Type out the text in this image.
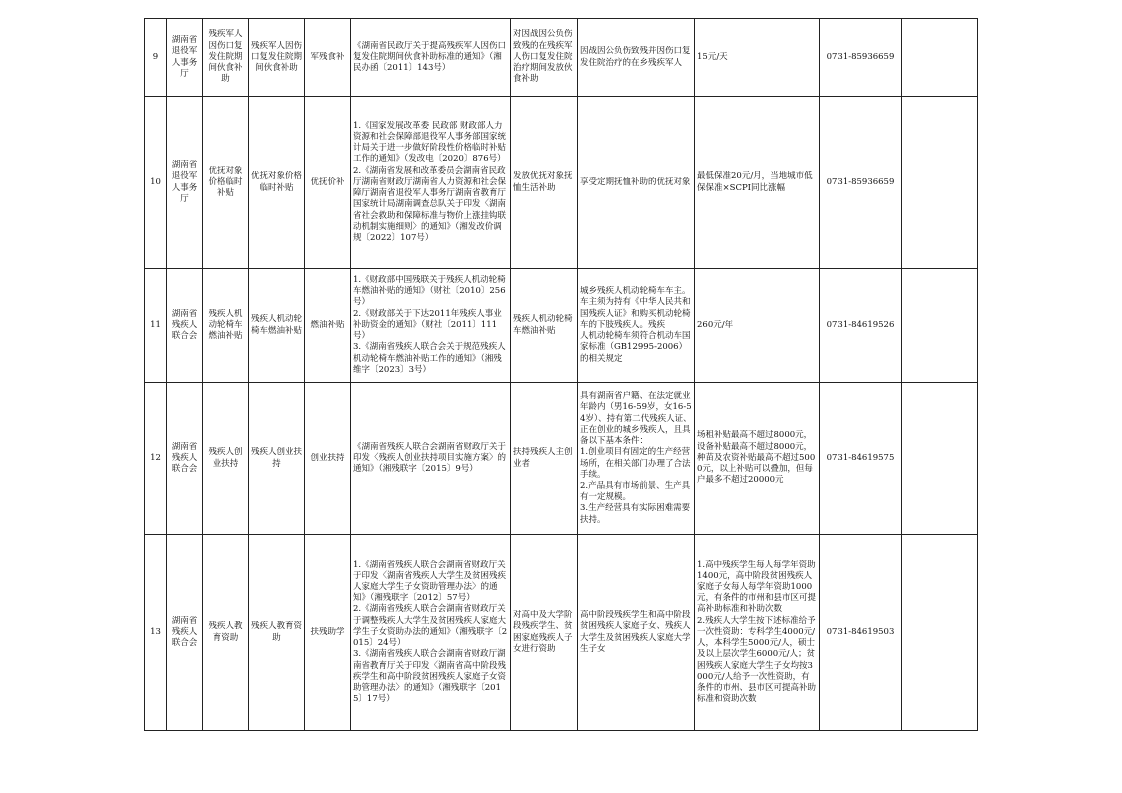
9	湖南省退役军人事务厅	残疾军人因伤口复发住院期间伙食补助	残疾军人因伤口复发住院期间伙食补助	军残食补	《湖南省民政厅关于提高残疾军人因伤口复发住院期间伙食补助标准的通知》（湘民办函〔2011〕143号）	对因战因公负伤致残的在残疾军人伤口复发住院治疗期间发放伙食补助	因战因公负伤致残并因伤口复发住院治疗的在乡残疾军人	15元/天	0731-85936659	

10	湖南省退役军人事务厅	优抚对象价格临时补贴	优抚对象价格临时补贴	优抚价补	1.《国家发展改革委 民政部 财政部人力资源和社会保障部退役军人事务部国家统计局关于进一步做好阶段性价格临时补贴工作的通知》（发改电〔2020〕876号）
2.《湖南省发展和改革委员会湖南省民政厅湖南省财政厅湖南省人力资源和社会保障厅湖南省退役军人事务厅湖南省教育厅国家统计局湖南调查总队关于印发〈湖南省社会救助和保障标准与物价上涨挂钩联动机制实施细则〉的通知》（湘发改价调规〔2022〕107号）	发放优抚对象抚恤生活补助	享受定期抚恤补助的优抚对象	最低保准20元/月，当地城市低保保准×SCPI同比涨幅	0731-85936659	

11	湖南省残疾人联合会	残疾人机动轮椅车燃油补贴	残疾人机动轮椅车燃油补贴	燃油补贴	1.《财政部中国残联关于残疾人机动轮椅车燃油补贴的通知》（财社〔2010〕256号）
2.《财政部关于下达2011年残疾人事业补助资金的通知》（财社〔2011〕111号）
3.《湖南省残疾人联合会关于规范残疾人机动轮椅车燃油补贴工作的通知》（湘残维字〔2023〕3号）	残疾人机动轮椅车燃油补贴	城乡残疾人机动轮椅车车主。车主须为持有《中华人民共和国残疾人证》和购买机动轮椅车的下肢残疾人。残疾
人机动轮椅车须符合机动车国
家标准（GB12995-2006）的相关规定	260元/年	0731-84619526	

12	湖南省残疾人联合会	残疾人创业扶持	残疾人创业扶持	创业扶持	《湖南省残疾人联合会湖南省财政厅关于印发〈残疾人创业扶持项目实施方案〉的通知》（湘残联字〔2015〕9号）	扶持残疾人主创业者	具有湖南省户籍、在法定就业年龄内（男16-59岁，女16-54岁）、持有第二代残疾人证、正在创业的城乡残疾人，且具备以下基本条件：
1.创业项目有固定的生产经营场所，在相关部门办理了合法手续。
2.产品具有市场前景、生产具有一定规模。
3.生产经营具有实际困难需要扶持。	场租补贴最高不超过8000元，设备补贴最高不超过8000元，种苗及农资补贴最高不超过5000元，以上补贴可以叠加，但每户最多不超过20000元	0731-84619575	

13	湖南省残疾人联合会	残疾人教育资助	残疾人教育资助	扶残助学	1.《湖南省残疾人联合会湖南省财政厅关于印发〈湖南省残疾人大学生及贫困残疾人家庭大学生子女资助管理办法〉的通知》（湘残联字〔2012〕57号）
2.《湖南省残疾人联合会湖南省财政厅关于调整残疾人大学生及贫困残疾人家庭大学生子女资助办法的通知》（湘残联字〔2015〕24号）
3.《湖南省残疾人联合会湖南省财政厅湖南省教育厅关于印发〈湖南省高中阶段残疾学生和高中阶段贫困残疾人家庭子女资助管理办法〉的通知》（湘残联字〔2015〕17号）	对高中及大学阶段残疾学生、贫困家庭残疾人子女进行资助	高中阶段残疾学生和高中阶段贫困残疾人家庭子女、残疾人大学生及贫困残疾人家庭大学生子女	1.高中残疾学生每人每学年资助1400元，高中阶段贫困残疾人家庭子女每人每学年资助1000元，有条件的市州和县市区可提高补助标准和补助次数
2.残疾人大学生按下述标准给予一次性资助：专科学生4000元/人，本科学生5000元/人，硕士及以上层次学生6000元/人；贫困残疾人家庭大学生子女均按3000元/人给予一次性资助，有条件的市州、县市区可提高补助标准和资助次数	0731-84619503	
